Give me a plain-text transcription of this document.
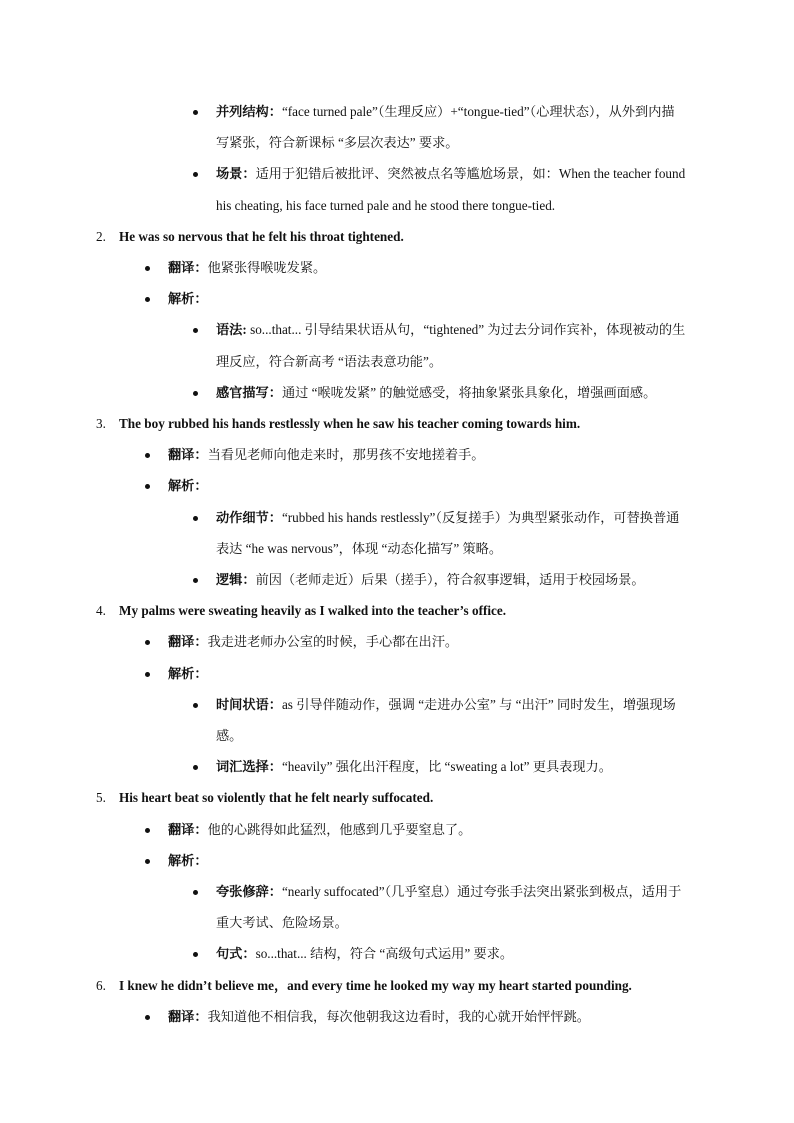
并列结构：“face turned pale”（生理反应）+“tongue-tied”（心理状态），从外到内描
写紧张，符合新课标 “多层次表达” 要求。
场景：适用于犯错后被批评、突然被点名等尴尬场景，如：When the teacher found
his cheating, his face turned pale and he stood there tongue-tied.
2. He was so nervous that he felt his throat tightened.
翻译：他紧张得喉咙发紧。
解析：
语法: so...that... 引导结果状语从句，“tightened” 为过去分词作宾补，体现被动的生
理反应，符合新高考 “语法表意功能”。
感官描写：通过 “喉咙发紧” 的触觉感受，将抽象紧张具象化，增强画面感。
3. The boy rubbed his hands restlessly when he saw his teacher coming towards him.
翻译：当看见老师向他走来时，那男孩不安地搓着手。
解析：
动作细节：“rubbed his hands restlessly”（反复搓手）为典型紧张动作，可替换普通
表达 “he was nervous”，体现 “动态化描写” 策略。
逻辑：前因（老师走近）后果（搓手），符合叙事逻辑，适用于校园场景。
4. My palms were sweating heavily as I walked into the teacher’s office.
翻译：我走进老师办公室的时候，手心都在出汗。
解析：
时间状语：as 引导伴随动作，强调 “走进办公室” 与 “出汗” 同时发生，增强现场
感。
词汇选择：“heavily” 强化出汗程度，比 “sweating a lot” 更具表现力。
5. His heart beat so violently that he felt nearly suffocated.
翻译：他的心跳得如此猛烈，他感到几乎要窒息了。
解析：
夸张修辞：“nearly suffocated”（几乎窒息）通过夸张手法突出紧张到极点，适用于
重大考试、危险场景。
句式：so...that... 结构，符合 “高级句式运用” 要求。
6. I knew he didn’t believe me，and every time he looked my way my heart started pounding.
翻译：我知道他不相信我，每次他朝我这边看时，我的心就开始怦怦跳。
